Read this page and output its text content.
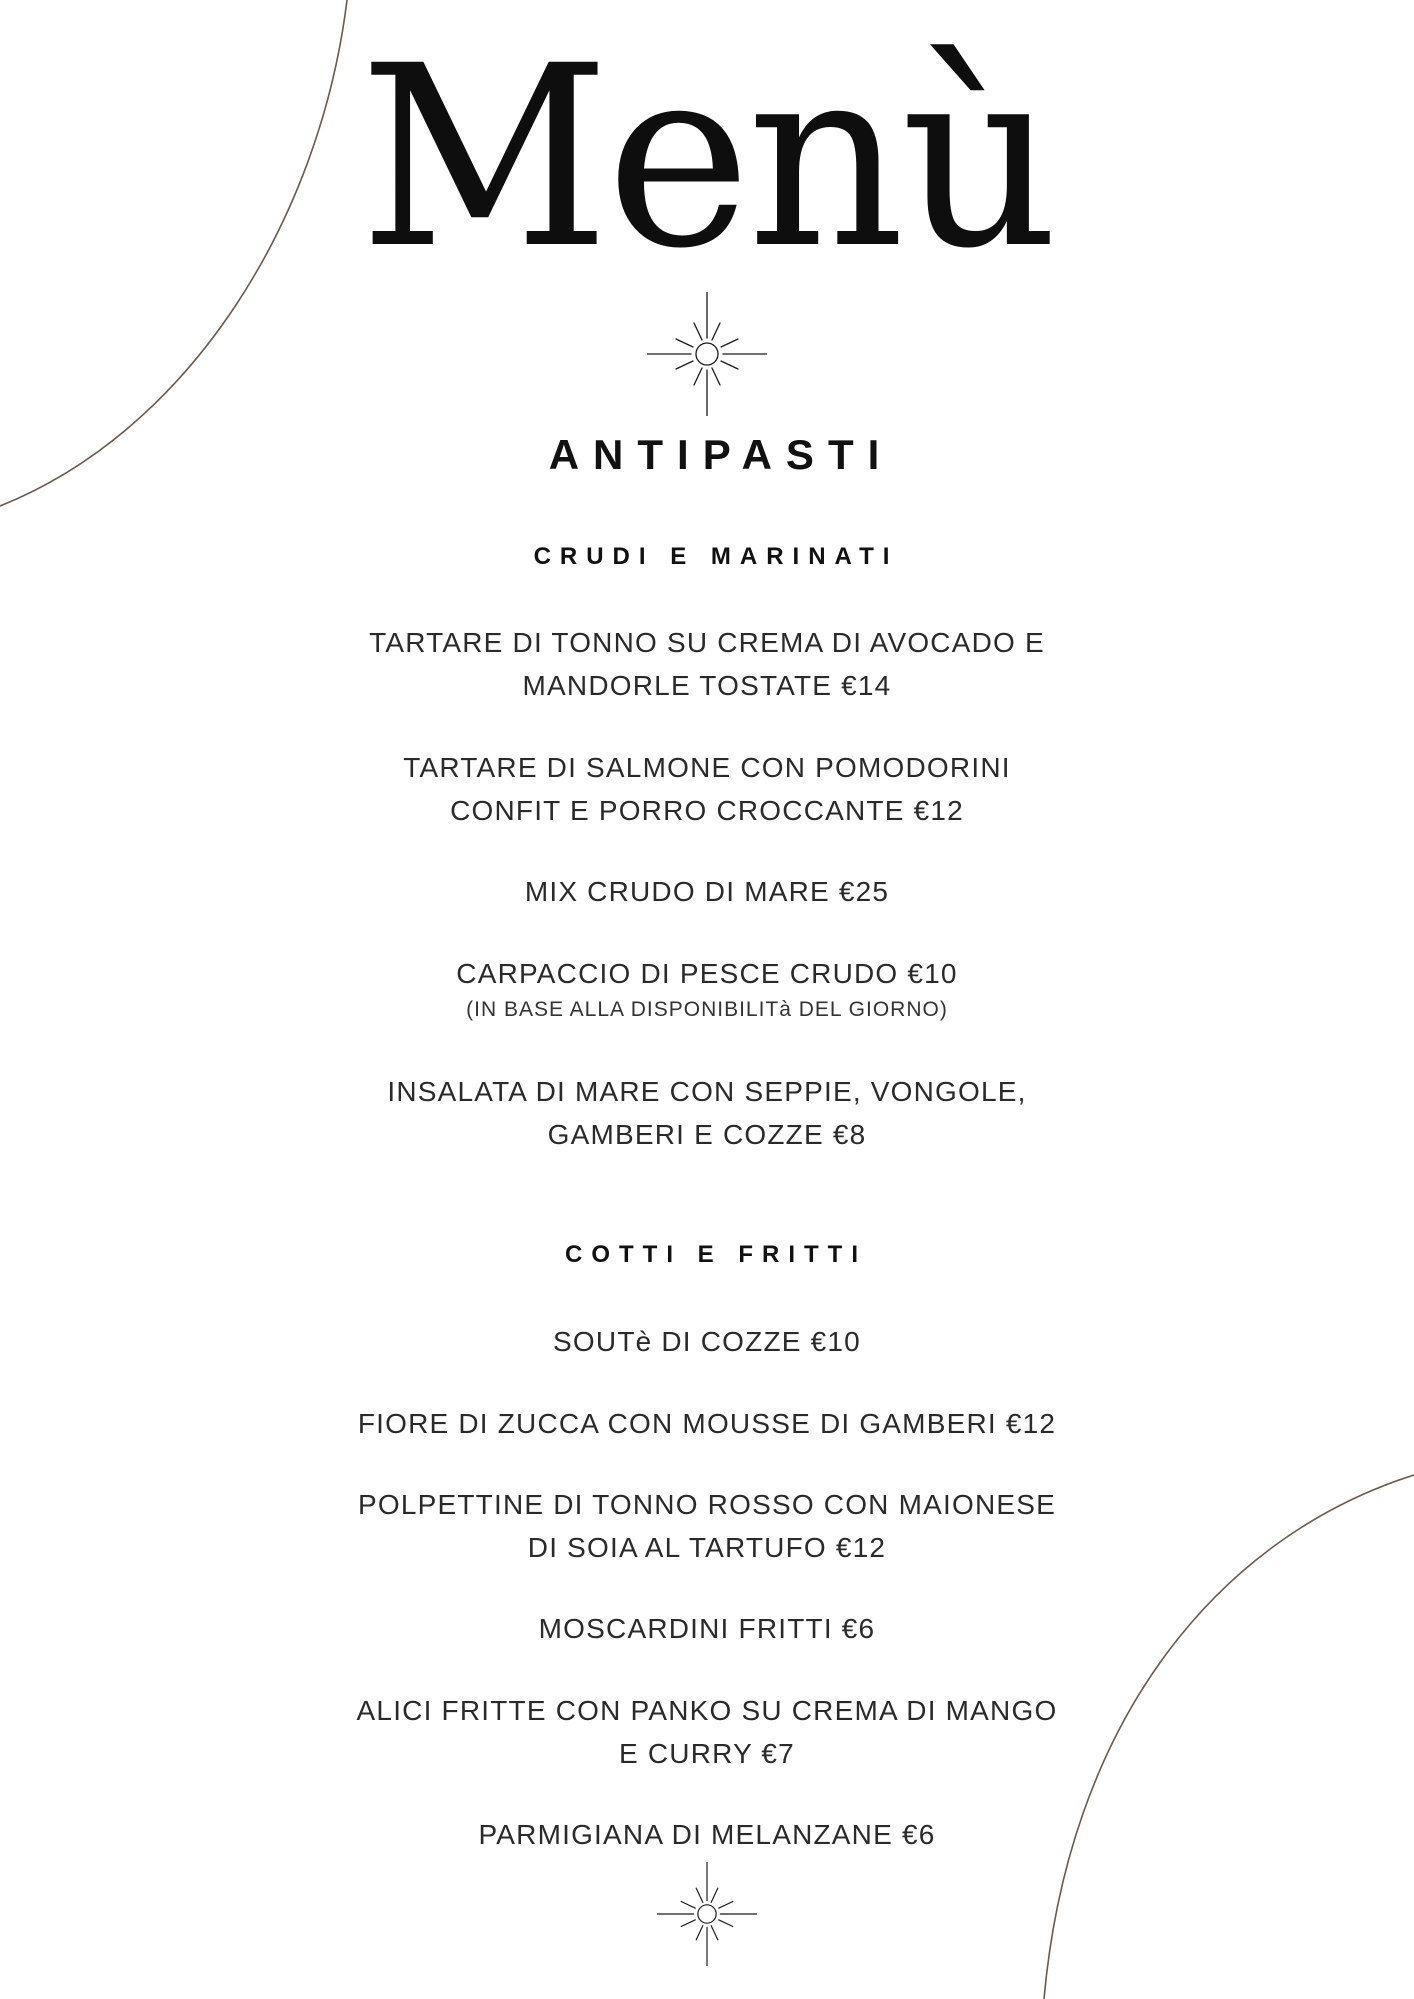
Menù
ANTIPASTI
CRUDI E MARINATI
TARTARE DI TONNO SU CREMA DI AVOCADO E
MANDORLE TOSTATE €14
TARTARE DI SALMONE CON POMODORINI
CONFIT E PORRO CROCCANTE €12
MIX CRUDO DI MARE €25
CARPACCIO DI PESCE CRUDO €10
(IN BASE ALLA DISPONIBILITà DEL GIORNO)
INSALATA DI MARE CON SEPPIE, VONGOLE,
GAMBERI E COZZE €8
COTTI E FRITTI
SOUTè DI COZZE €10
FIORE DI ZUCCA CON MOUSSE DI GAMBERI €12
POLPETTINE DI TONNO ROSSO CON MAIONESE
DI SOIA AL TARTUFO €12
MOSCARDINI FRITTI €6
ALICI FRITTE CON PANKO SU CREMA DI MANGO
E CURRY €7
PARMIGIANA DI MELANZANE €6
